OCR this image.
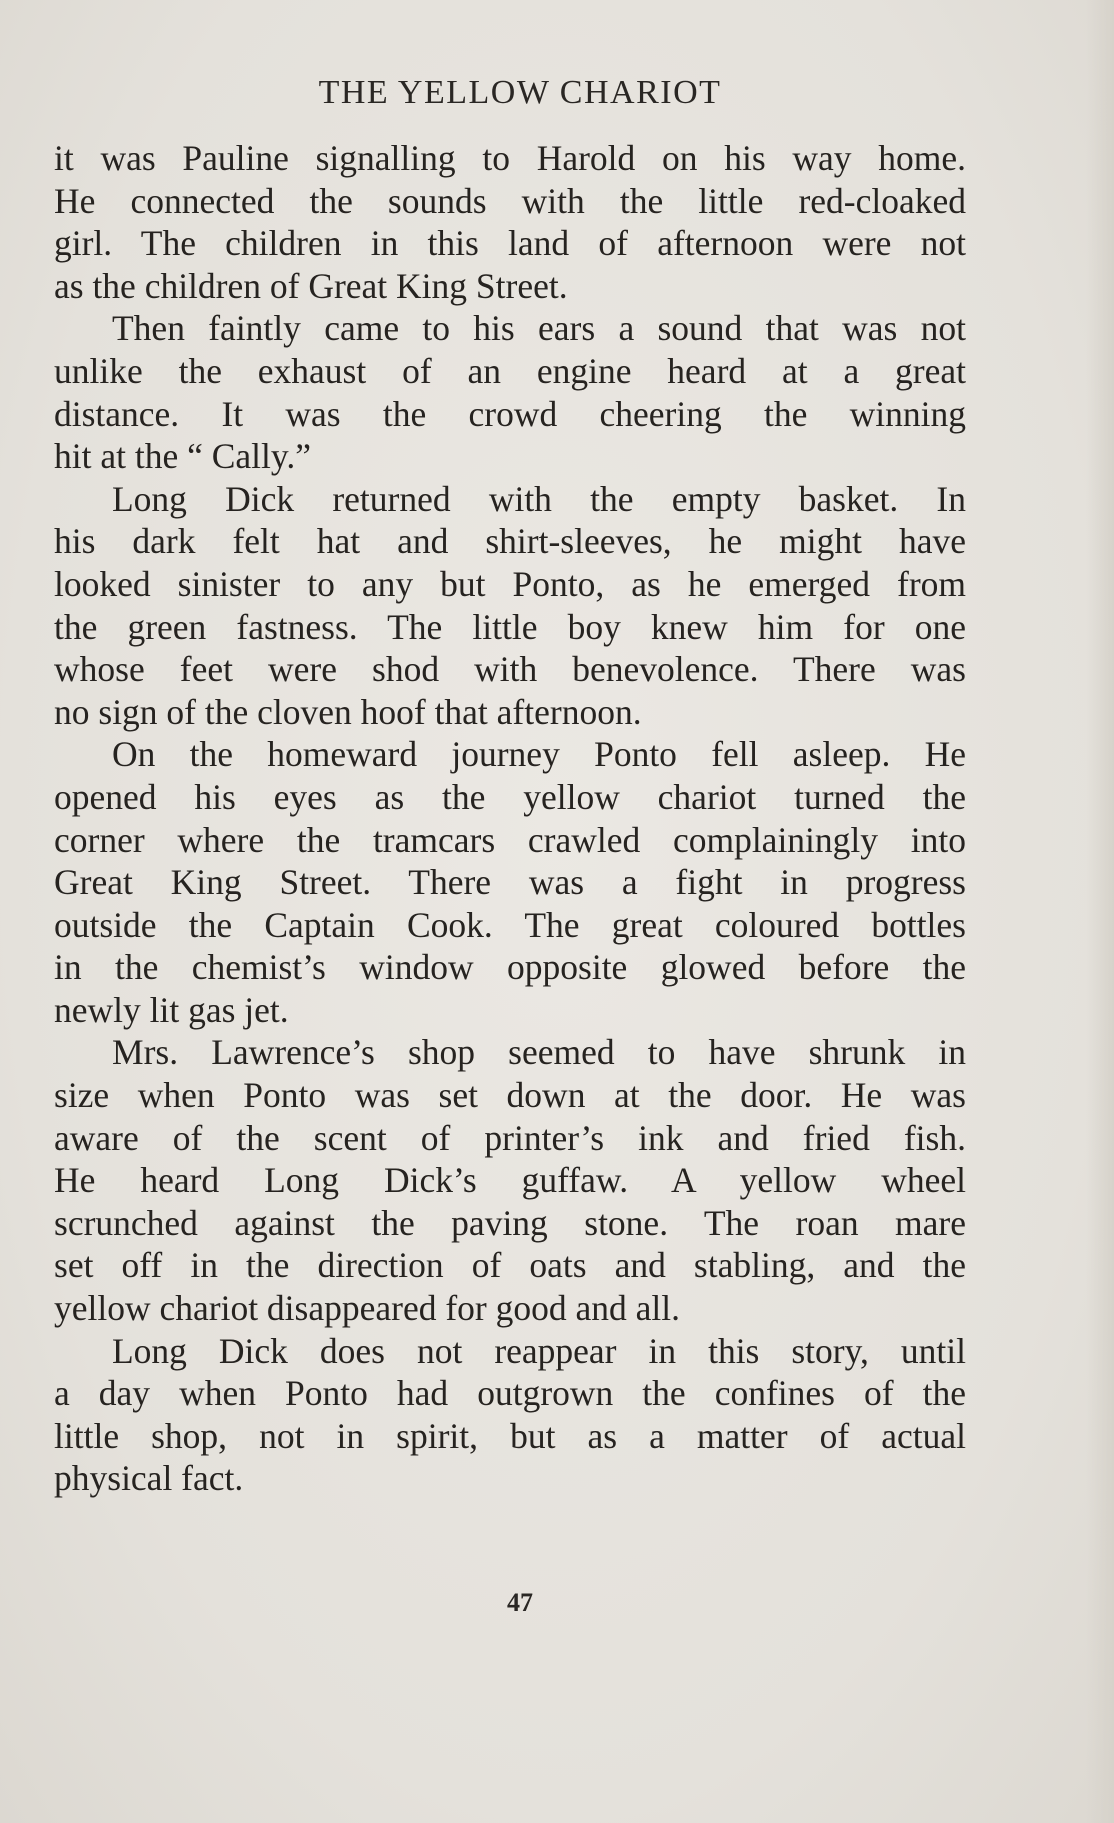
THE YELLOW CHARIOT
it was Pauline signalling to Harold on his way home.
He connected the sounds with the little red-cloaked
girl. The children in this land of afternoon were not
as the children of Great King Street.
Then faintly came to his ears a sound that was not
unlike the exhaust of an engine heard at a great
distance. It was the crowd cheering the winning
hit at the “ Cally.”
Long Dick returned with the empty basket. In
his dark felt hat and shirt-sleeves, he might have
looked sinister to any but Ponto, as he emerged from
the green fastness. The little boy knew him for one
whose feet were shod with benevolence. There was
no sign of the cloven hoof that afternoon.
On the homeward journey Ponto fell asleep. He
opened his eyes as the yellow chariot turned the
corner where the tramcars crawled complainingly into
Great King Street. There was a fight in progress
outside the Captain Cook. The great coloured bottles
in the chemist’s window opposite glowed before the
newly lit gas jet.
Mrs. Lawrence’s shop seemed to have shrunk in
size when Ponto was set down at the door. He was
aware of the scent of printer’s ink and fried fish.
He heard Long Dick’s guffaw. A yellow wheel
scrunched against the paving stone. The roan mare
set off in the direction of oats and stabling, and the
yellow chariot disappeared for good and all.
Long Dick does not reappear in this story, until
a day when Ponto had outgrown the confines of the
little shop, not in spirit, but as a matter of actual
physical fact.
47
